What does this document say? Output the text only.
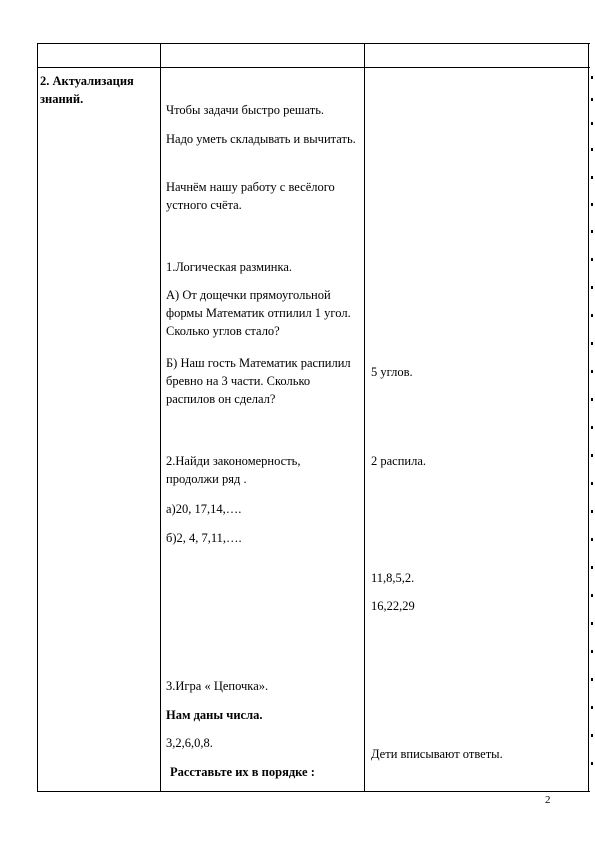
2. Актуализация знаний.

Чтобы задачи быстро решать.

Надо уметь складывать и вычитать.

Начнём нашу работу с весёлого устного счёта.

1.Логическая разминка.

А) От дощечки прямоугольной формы Математик отпилил 1 угол. Сколько углов стало?

Б) Наш гость Математик распилил бревно на 3 части. Сколько распилов он сделал?

2.Найди закономерность, продолжи ряд .

а)20, 17,14,….

б)2, 4, 7,11,….

3.Игра « Цепочка».

Нам даны числа.

3,2,6,0,8.

Расставьте их в порядке :

5 углов.

2 распила.

11,8,5,2.

16,22,29

Дети вписывают ответы.

2
